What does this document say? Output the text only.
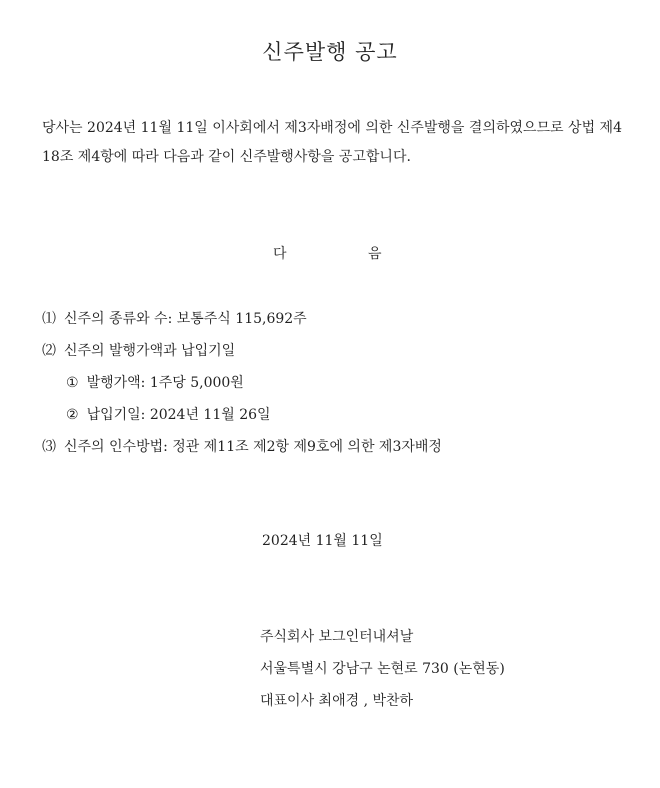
신주발행 공고
당사는 2024년 11월 11일 이사회에서 제3자배정에 의한 신주발행을 결의하였으므로 상법 제418조 제4항에 따라 다음과 같이 신주발행사항을 공고합니다.
다	음
⑴ 신주의 종류와 수: 보통주식 115,692주
⑵ 신주의 발행가액과 납입기일
① 발행가액: 1주당 5,000원
② 납입기일: 2024년 11월 26일
⑶ 신주의 인수방법: 정관 제11조 제2항 제9호에 의한 제3자배정
2024년 11월 11일
주식회사 보그인터내셔날
서울특별시 강남구 논현로 730 (논현동)
대표이사 최애경 , 박찬하
